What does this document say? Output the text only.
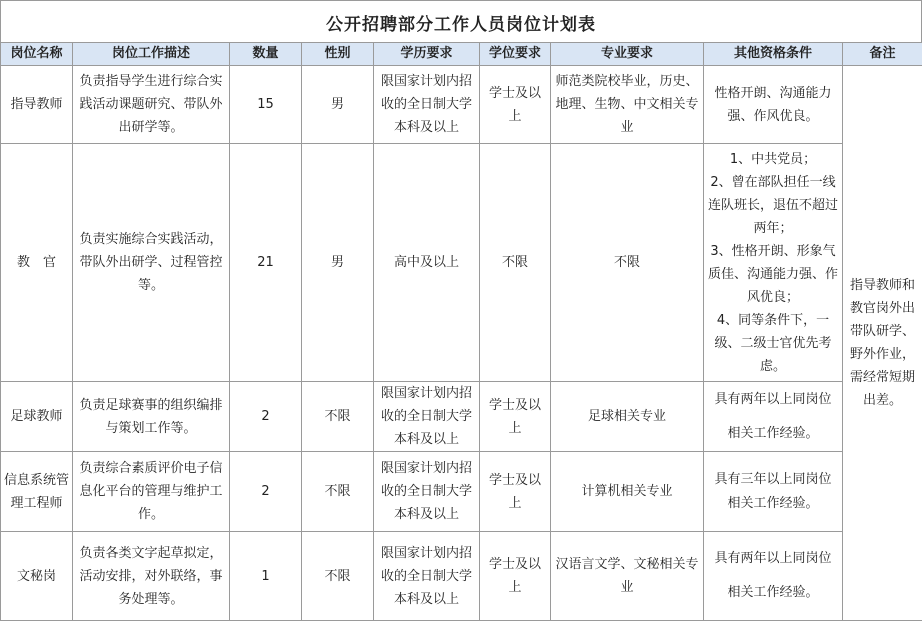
公开招聘部分工作人员岗位计划表
岗位名称	岗位工作描述	数量	性别	学历要求	学位要求	专业要求	其他资格条件	备注
指导教师	负责指导学生进行综合实践活动课题研究、带队外出研学等。	15	男	限国家计划内招收的全日制大学本科及以上	学士及以上	师范类院校毕业，历史、地理、生物、中文相关专业	性格开朗、沟通能力强、作风优良。	指导教师和教官岗外出带队研学、野外作业，需经常短期出差。
教　官	负责实施综合实践活动，带队外出研学、过程管控等。	21	男	高中及以上	不限	不限	1、中共党员；
2、曾在部队担任一线连队班长，退伍不超过两年；
3、性格开朗、形象气质佳、沟通能力强、作风优良；
4、同等条件下，一级、二级士官优先考虑。	

足球教师	负责足球赛事的组织编排与策划工作等。	2	不限	限国家计划内招收的全日制大学本科及以上	学士及以上	足球相关专业	具有两年以上同岗位
相关工作经验。	

信息系统管理工程师	负责综合素质评价电子信息化平台的管理与维护工作。	2	不限	限国家计划内招收的全日制大学本科及以上	学士及以上	计算机相关专业	具有三年以上同岗位
相关工作经验。	

文秘岗	负责各类文字起草拟定，活动安排，对外联络，事务处理等。	1	不限	限国家计划内招收的全日制大学本科及以上	学士及以上	汉语言文学、文秘相关专业	具有两年以上同岗位
相关工作经验。	
